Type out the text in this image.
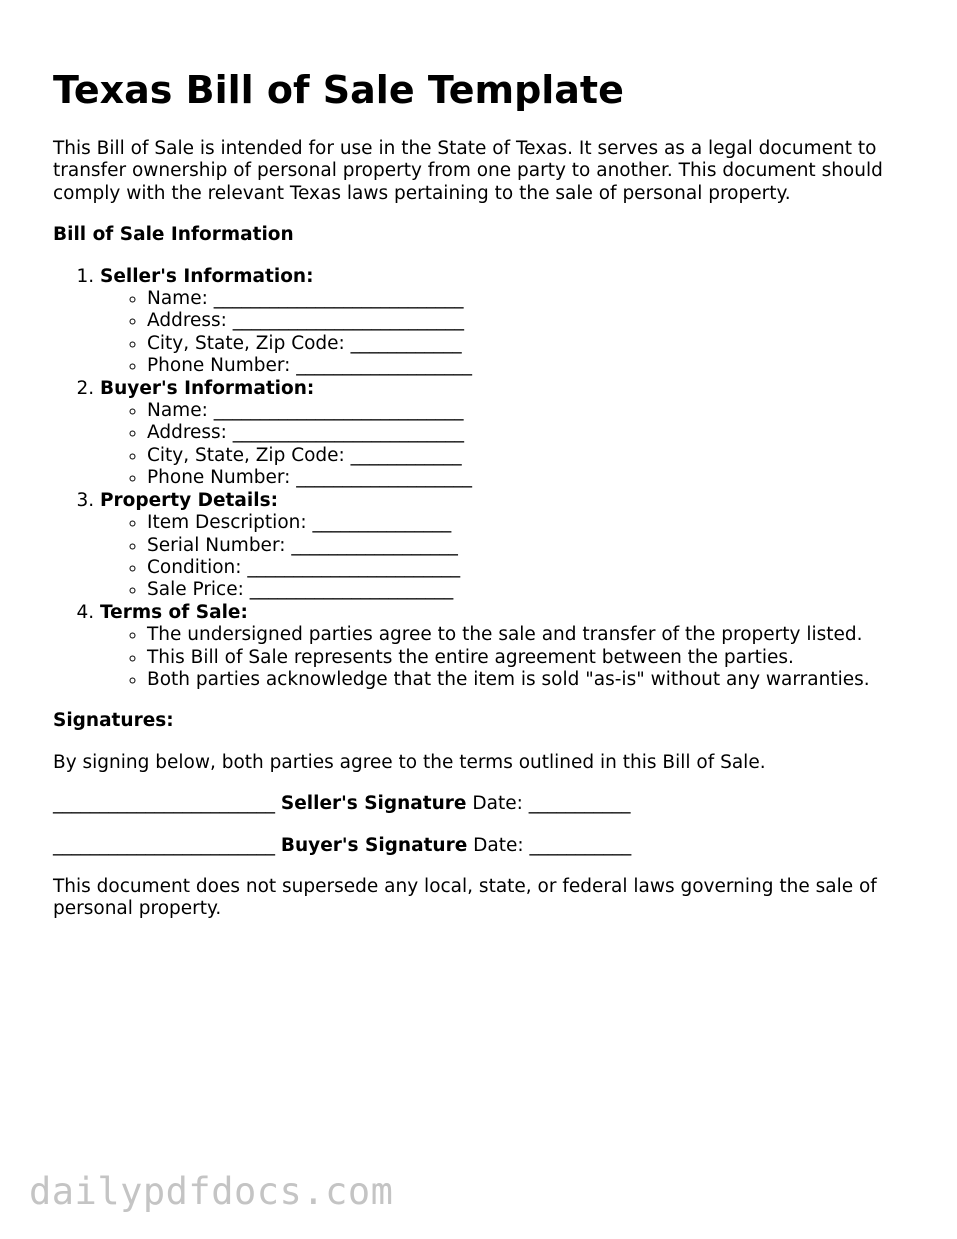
Texas Bill of Sale Template

This Bill of Sale is intended for use in the State of Texas. It serves as a legal document to transfer ownership of personal property from one party to another. This document should comply with the relevant Texas laws pertaining to the sale of personal property.

Bill of Sale Information

1. Seller's Information:
◦ Name: ___________________________
◦ Address: _________________________
◦ City, State, Zip Code: ____________
◦ Phone Number: ___________________
2. Buyer's Information:
◦ Name: ___________________________
◦ Address: _________________________
◦ City, State, Zip Code: ____________
◦ Phone Number: ___________________
3. Property Details:
◦ Item Description: _______________
◦ Serial Number: __________________
◦ Condition: _______________________
◦ Sale Price: ______________________
4. Terms of Sale:
◦ The undersigned parties agree to the sale and transfer of the property listed.
◦ This Bill of Sale represents the entire agreement between the parties.
◦ Both parties acknowledge that the item is sold "as-is" without any warranties.

Signatures:

By signing below, both parties agree to the terms outlined in this Bill of Sale.

________________________ Seller's Signature Date: ___________

________________________ Buyer's Signature Date: ___________

This document does not supersede any local, state, or federal laws governing the sale of personal property.

dailypdfdocs.com
